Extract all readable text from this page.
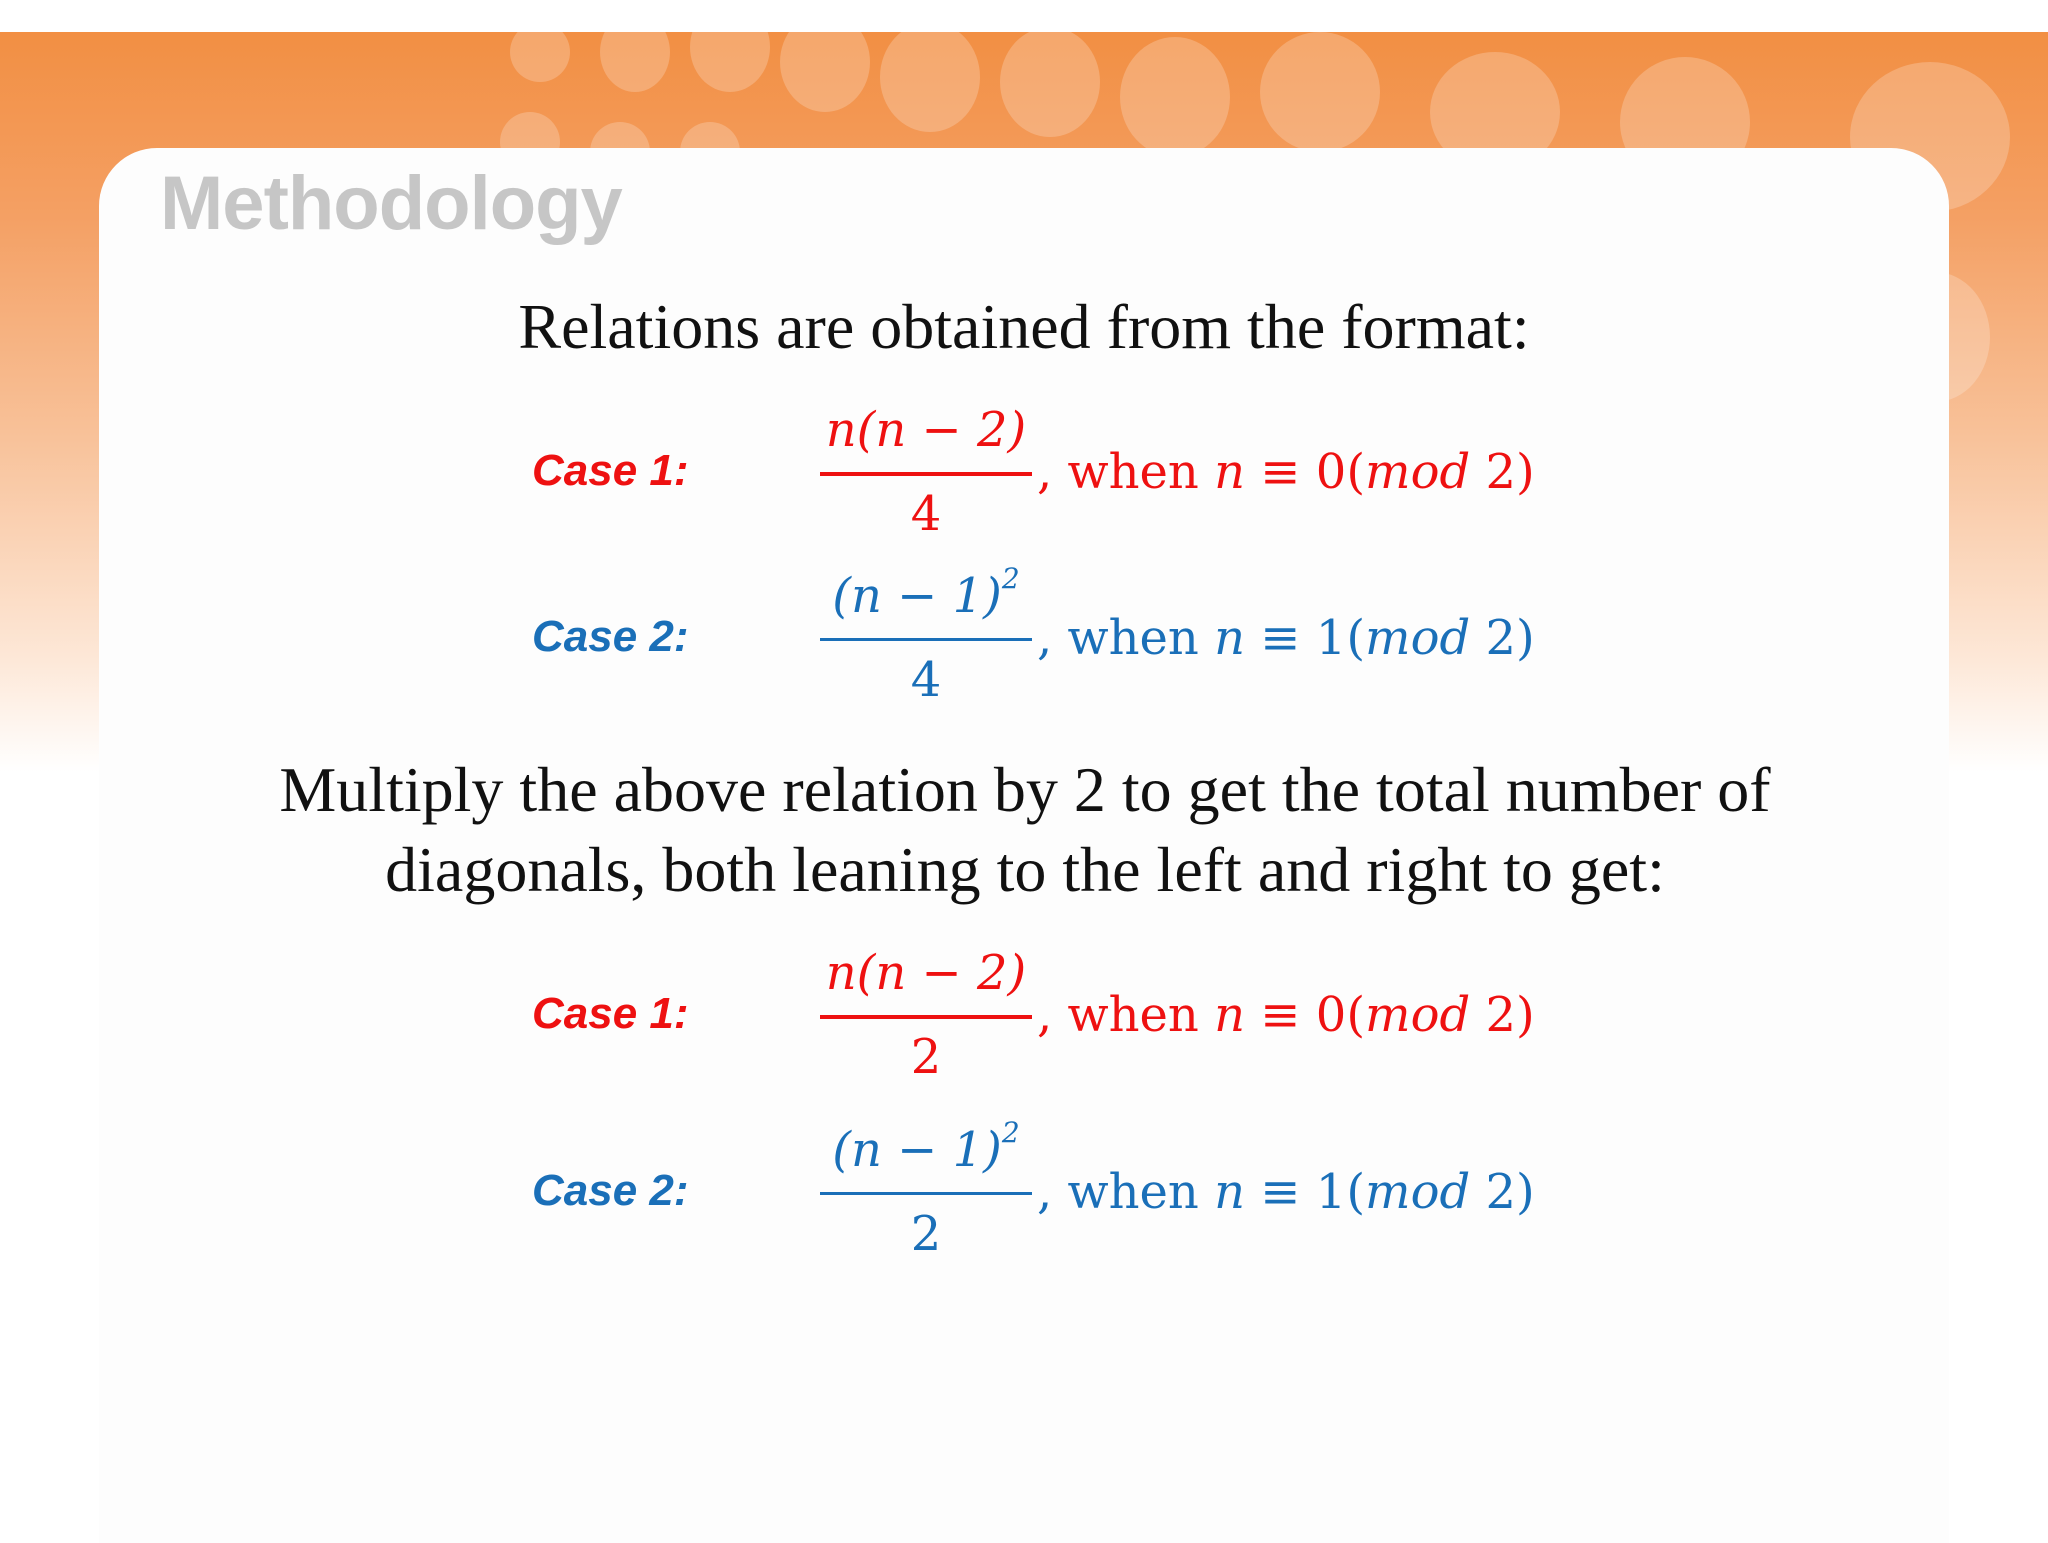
Methodology
Relations are obtained from the format:
Case 1:
n(n − 2)
4
, when n ≡ 0(mod 2)
Case 2:
$(n - 1)^2$
4
, when n ≡ 1(mod 2)
Multiply the above relation by 2 to get the total number of diagonals, both leaning to the left and right to get:
Case 1:
n(n − 2)
2
, when n ≡ 0(mod 2)
Case 2:
$(n - 1)^2$
2
, when n ≡ 1(mod 2)
